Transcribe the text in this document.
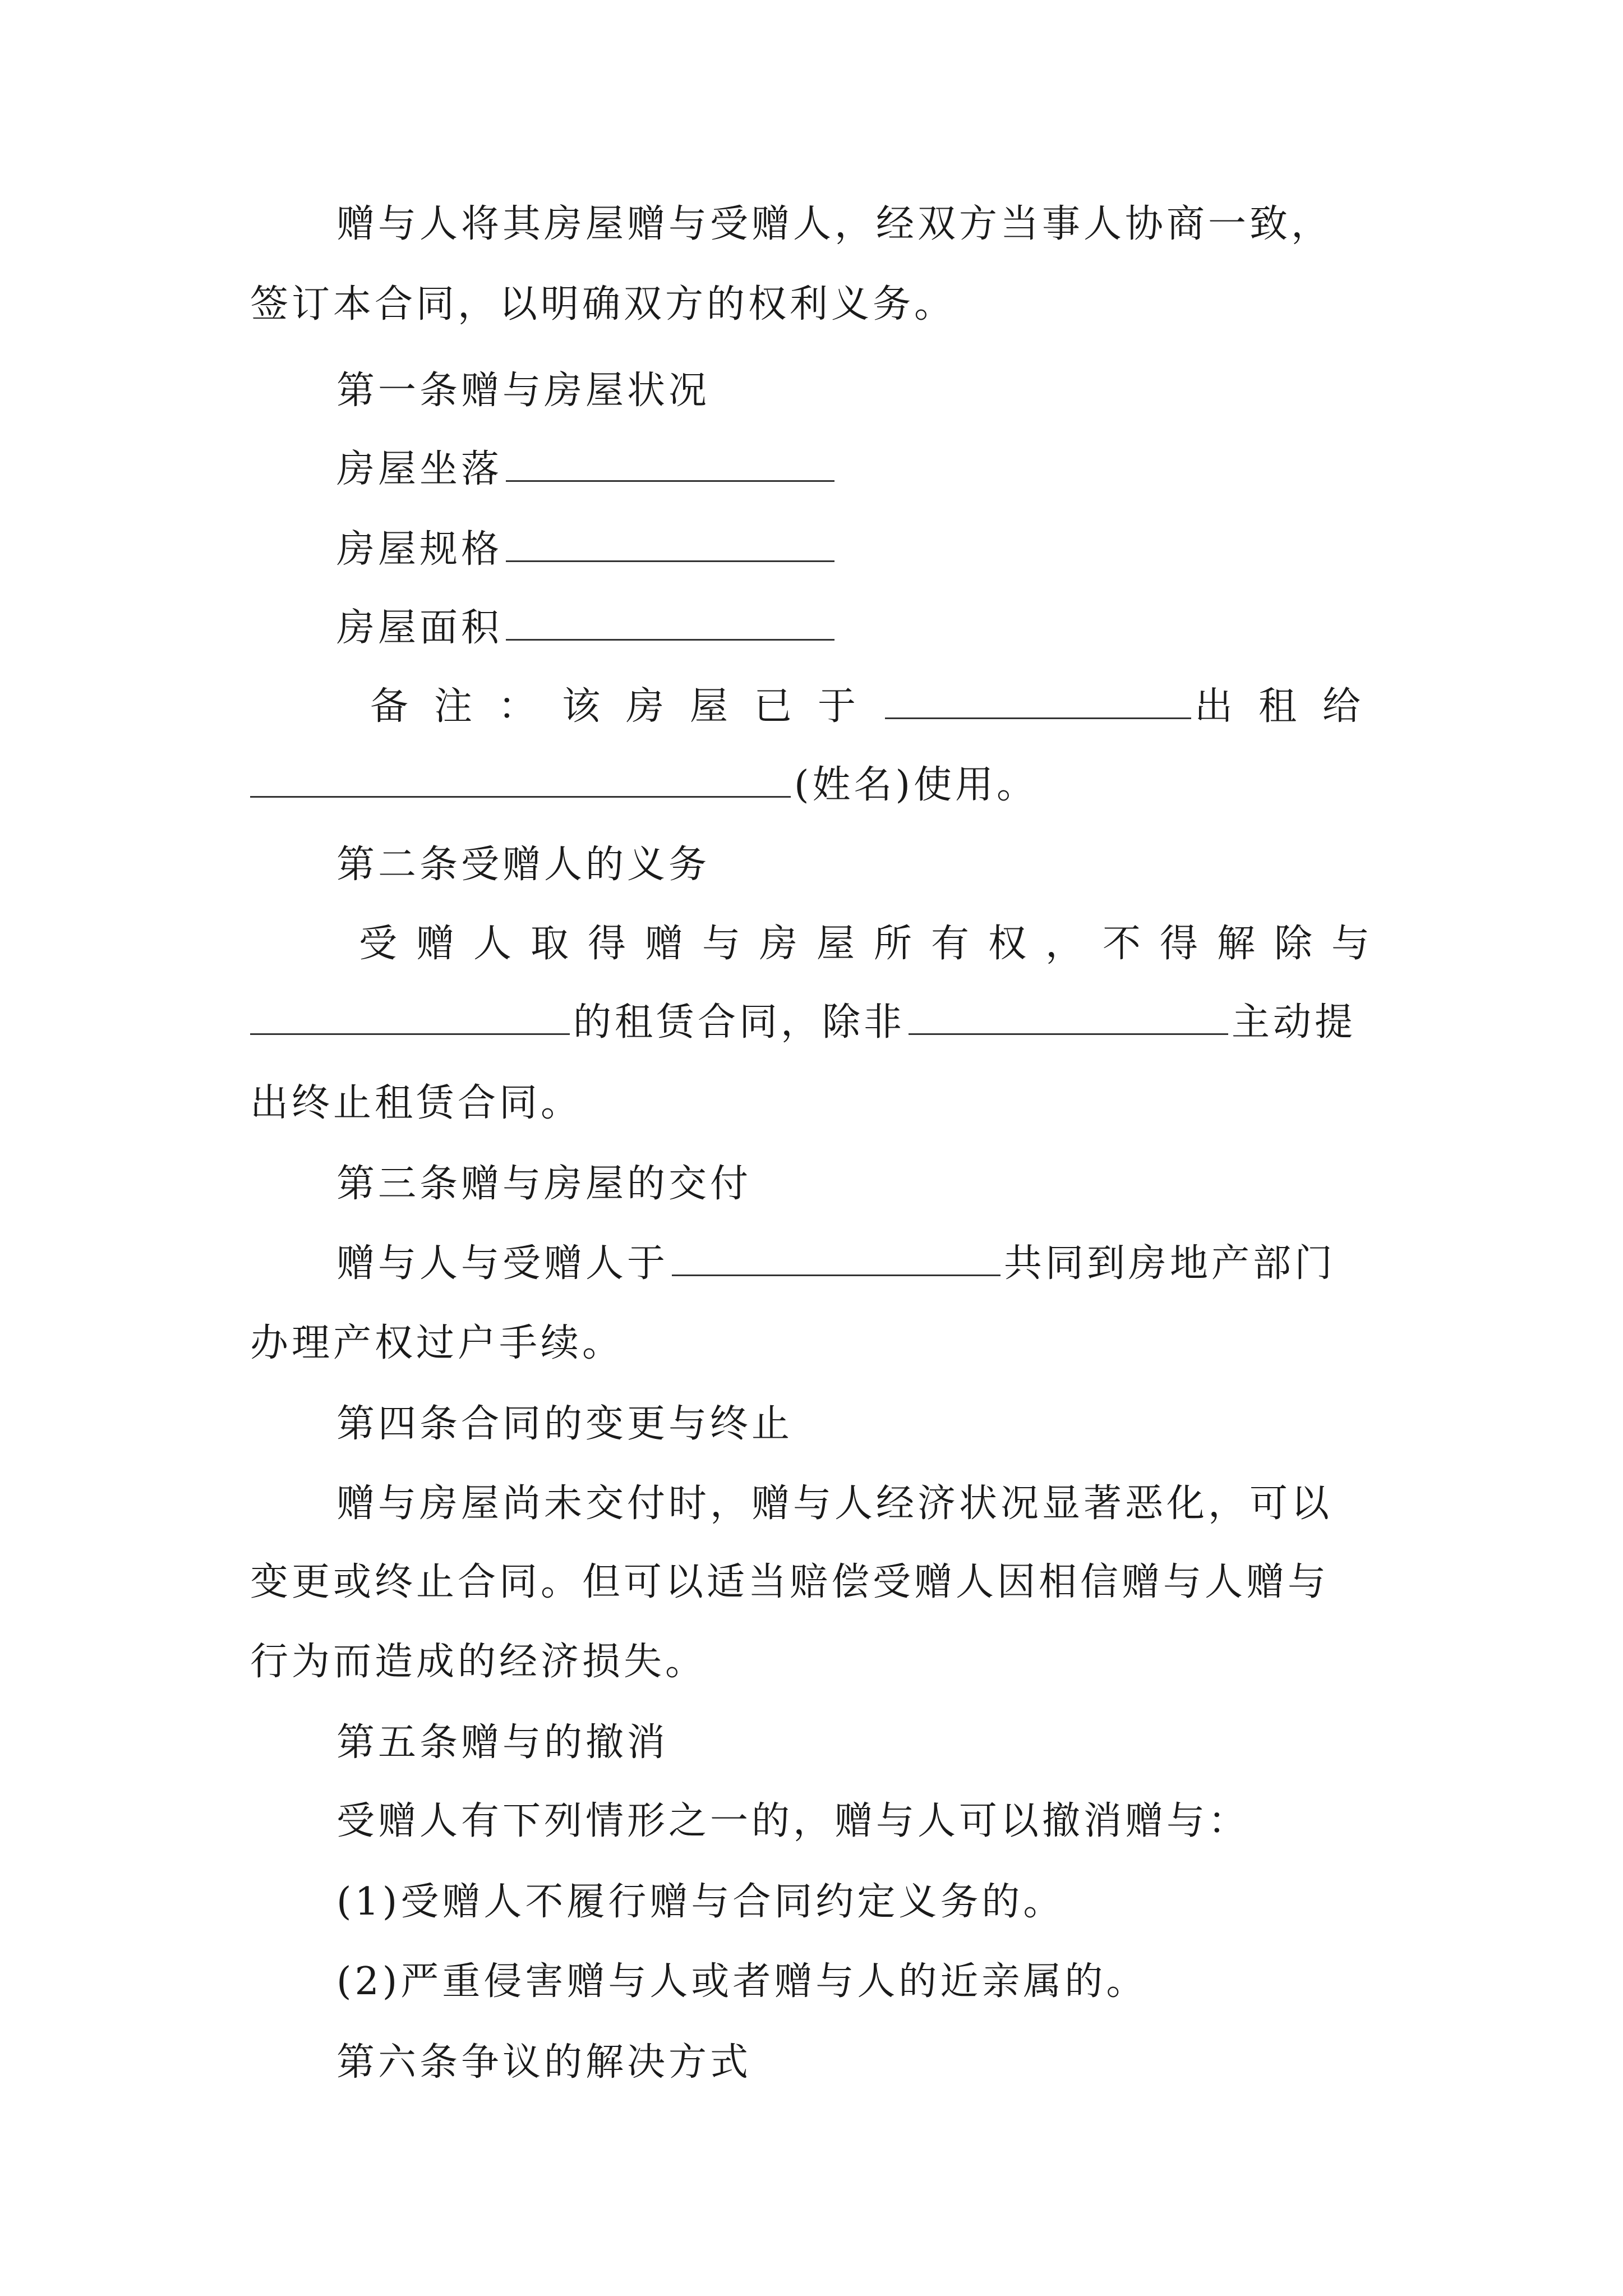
赠与人将其房屋赠与受赠人，经双方当事人协商一致，
签订本合同，以明确双方的权利义务。
第一条赠与房屋状况
房屋坐落
房屋规格
房屋面积
备注：该房屋已于	出租给
(姓名)使用。
第二条受赠人的义务
受赠人取得赠与房屋所有权，不得解除与
的租赁合同，除非	主动提
出终止租赁合同。
第三条赠与房屋的交付
赠与人与受赠人于	共同到房地产部门
办理产权过户手续。
第四条合同的变更与终止
赠与房屋尚未交付时，赠与人经济状况显著恶化，可以
变更或终止合同。但可以适当赔偿受赠人因相信赠与人赠与
行为而造成的经济损失。
第五条赠与的撤消
受赠人有下列情形之一的，赠与人可以撤消赠与：
(1)受赠人不履行赠与合同约定义务的。
(2)严重侵害赠与人或者赠与人的近亲属的。
第六条争议的解决方式
